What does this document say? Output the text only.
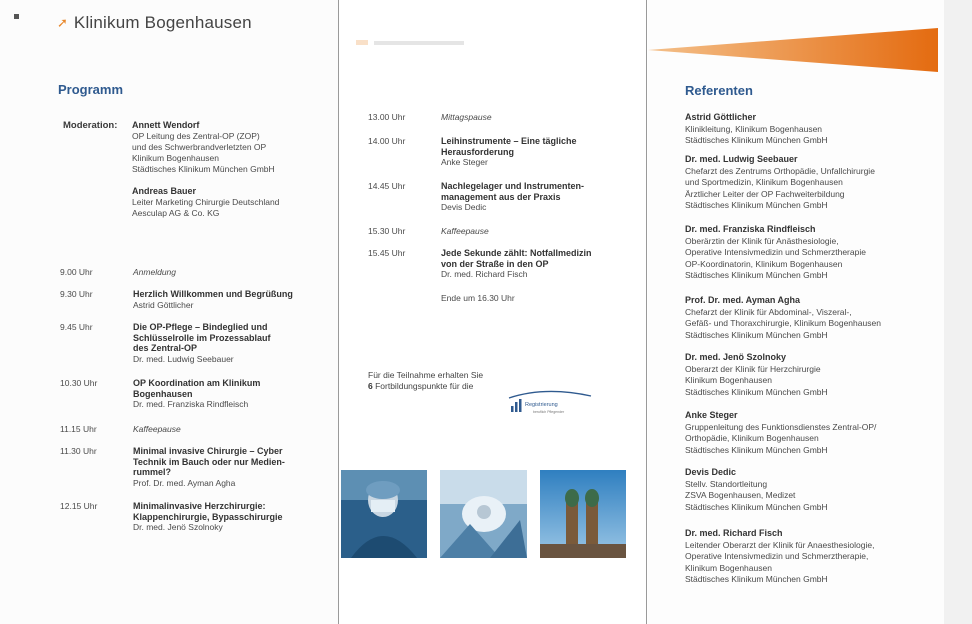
➚ Klinikum Bogenhausen
Programm
Moderation: Annett Wendorf
OP Leitung des Zentral-OP (ZOP)
und des Schwerbrandverletzten OP
Klinikum Bogenhausen
Städtisches Klinikum München GmbH
Andreas Bauer
Leiter Marketing Chirurgie Deutschland
Aesculap AG & Co. KG
9.00 Uhr	Anmeldung
9.30 Uhr	Herzlich Willkommen und Begrüßung
Astrid Göttlicher
9.45 Uhr	Die OP-Pflege – Bindeglied und
Schlüsselrolle im Prozessablauf
des Zentral-OP
Dr. med. Ludwig Seebauer
10.30 Uhr	OP Koordination am Klinikum
Bogenhausen
Dr. med. Franziska Rindfleisch
11.15 Uhr	Kaffeepause
11.30 Uhr	Minimal invasive Chirurgie – Cyber
Technik im Bauch oder nur Medien-
rummel?
Prof. Dr. med. Ayman Agha
12.15 Uhr	Minimalinvasive Herzchirurgie:
Klappenchirurgie, Bypasschirurgie
Dr. med. Jenö Szolnoky
13.00 Uhr	Mittagspause
14.00 Uhr	Leihinstrumente – Eine tägliche
Herausforderung
Anke Steger
14.45 Uhr	Nachlegelager und Instrumenten-
management aus der Praxis
Devis Dedic
15.30 Uhr	Kaffeepause
15.45 Uhr	Jede Sekunde zählt: Notfallmedizin
von der Straße in den OP
Dr. med. Richard Fisch
Ende um 16.30 Uhr
Für die Teilnahme erhalten Sie
6 Fortbildungspunkte für die
Registrierung
beruflich Pflegender
Referenten
Astrid Göttlicher
Klinikleitung, Klinikum Bogenhausen
Städtisches Klinikum München GmbH
Dr. med. Ludwig Seebauer
Chefarzt des Zentrums Orthopädie, Unfallchirurgie
und Sportmedizin, Klinikum Bogenhausen
Ärztlicher Leiter der OP Fachweiterbildung
Städtisches Klinikum München GmbH
Dr. med. Franziska Rindfleisch
Oberärztin der Klinik für Anästhesiologie,
Operative Intensivmedizin und Schmerztherapie
OP-Koordinatorin, Klinikum Bogenhausen
Städtisches Klinikum München GmbH
Prof. Dr. med. Ayman Agha
Chefarzt der Klinik für Abdominal-, Viszeral-,
Gefäß- und Thoraxchirurgie, Klinikum Bogenhausen
Städtisches Klinikum München GmbH
Dr. med. Jenö Szolnoky
Oberarzt der Klinik für Herzchirurgie
Klinikum Bogenhausen
Städtisches Klinikum München GmbH
Anke Steger
Gruppenleitung des Funktionsdienstes Zentral-OP/
Orthopädie, Klinikum Bogenhausen
Städtisches Klinikum München GmbH
Devis Dedic
Stellv. Standortleitung
ZSVA Bogenhausen, Medizet
Städtisches Klinikum München GmbH
Dr. med. Richard Fisch
Leitender Oberarzt der Klinik für Anaesthesiologie,
Operative Intensivmedizin und Schmerztherapie,
Klinikum Bogenhausen
Städtisches Klinikum München GmbH
